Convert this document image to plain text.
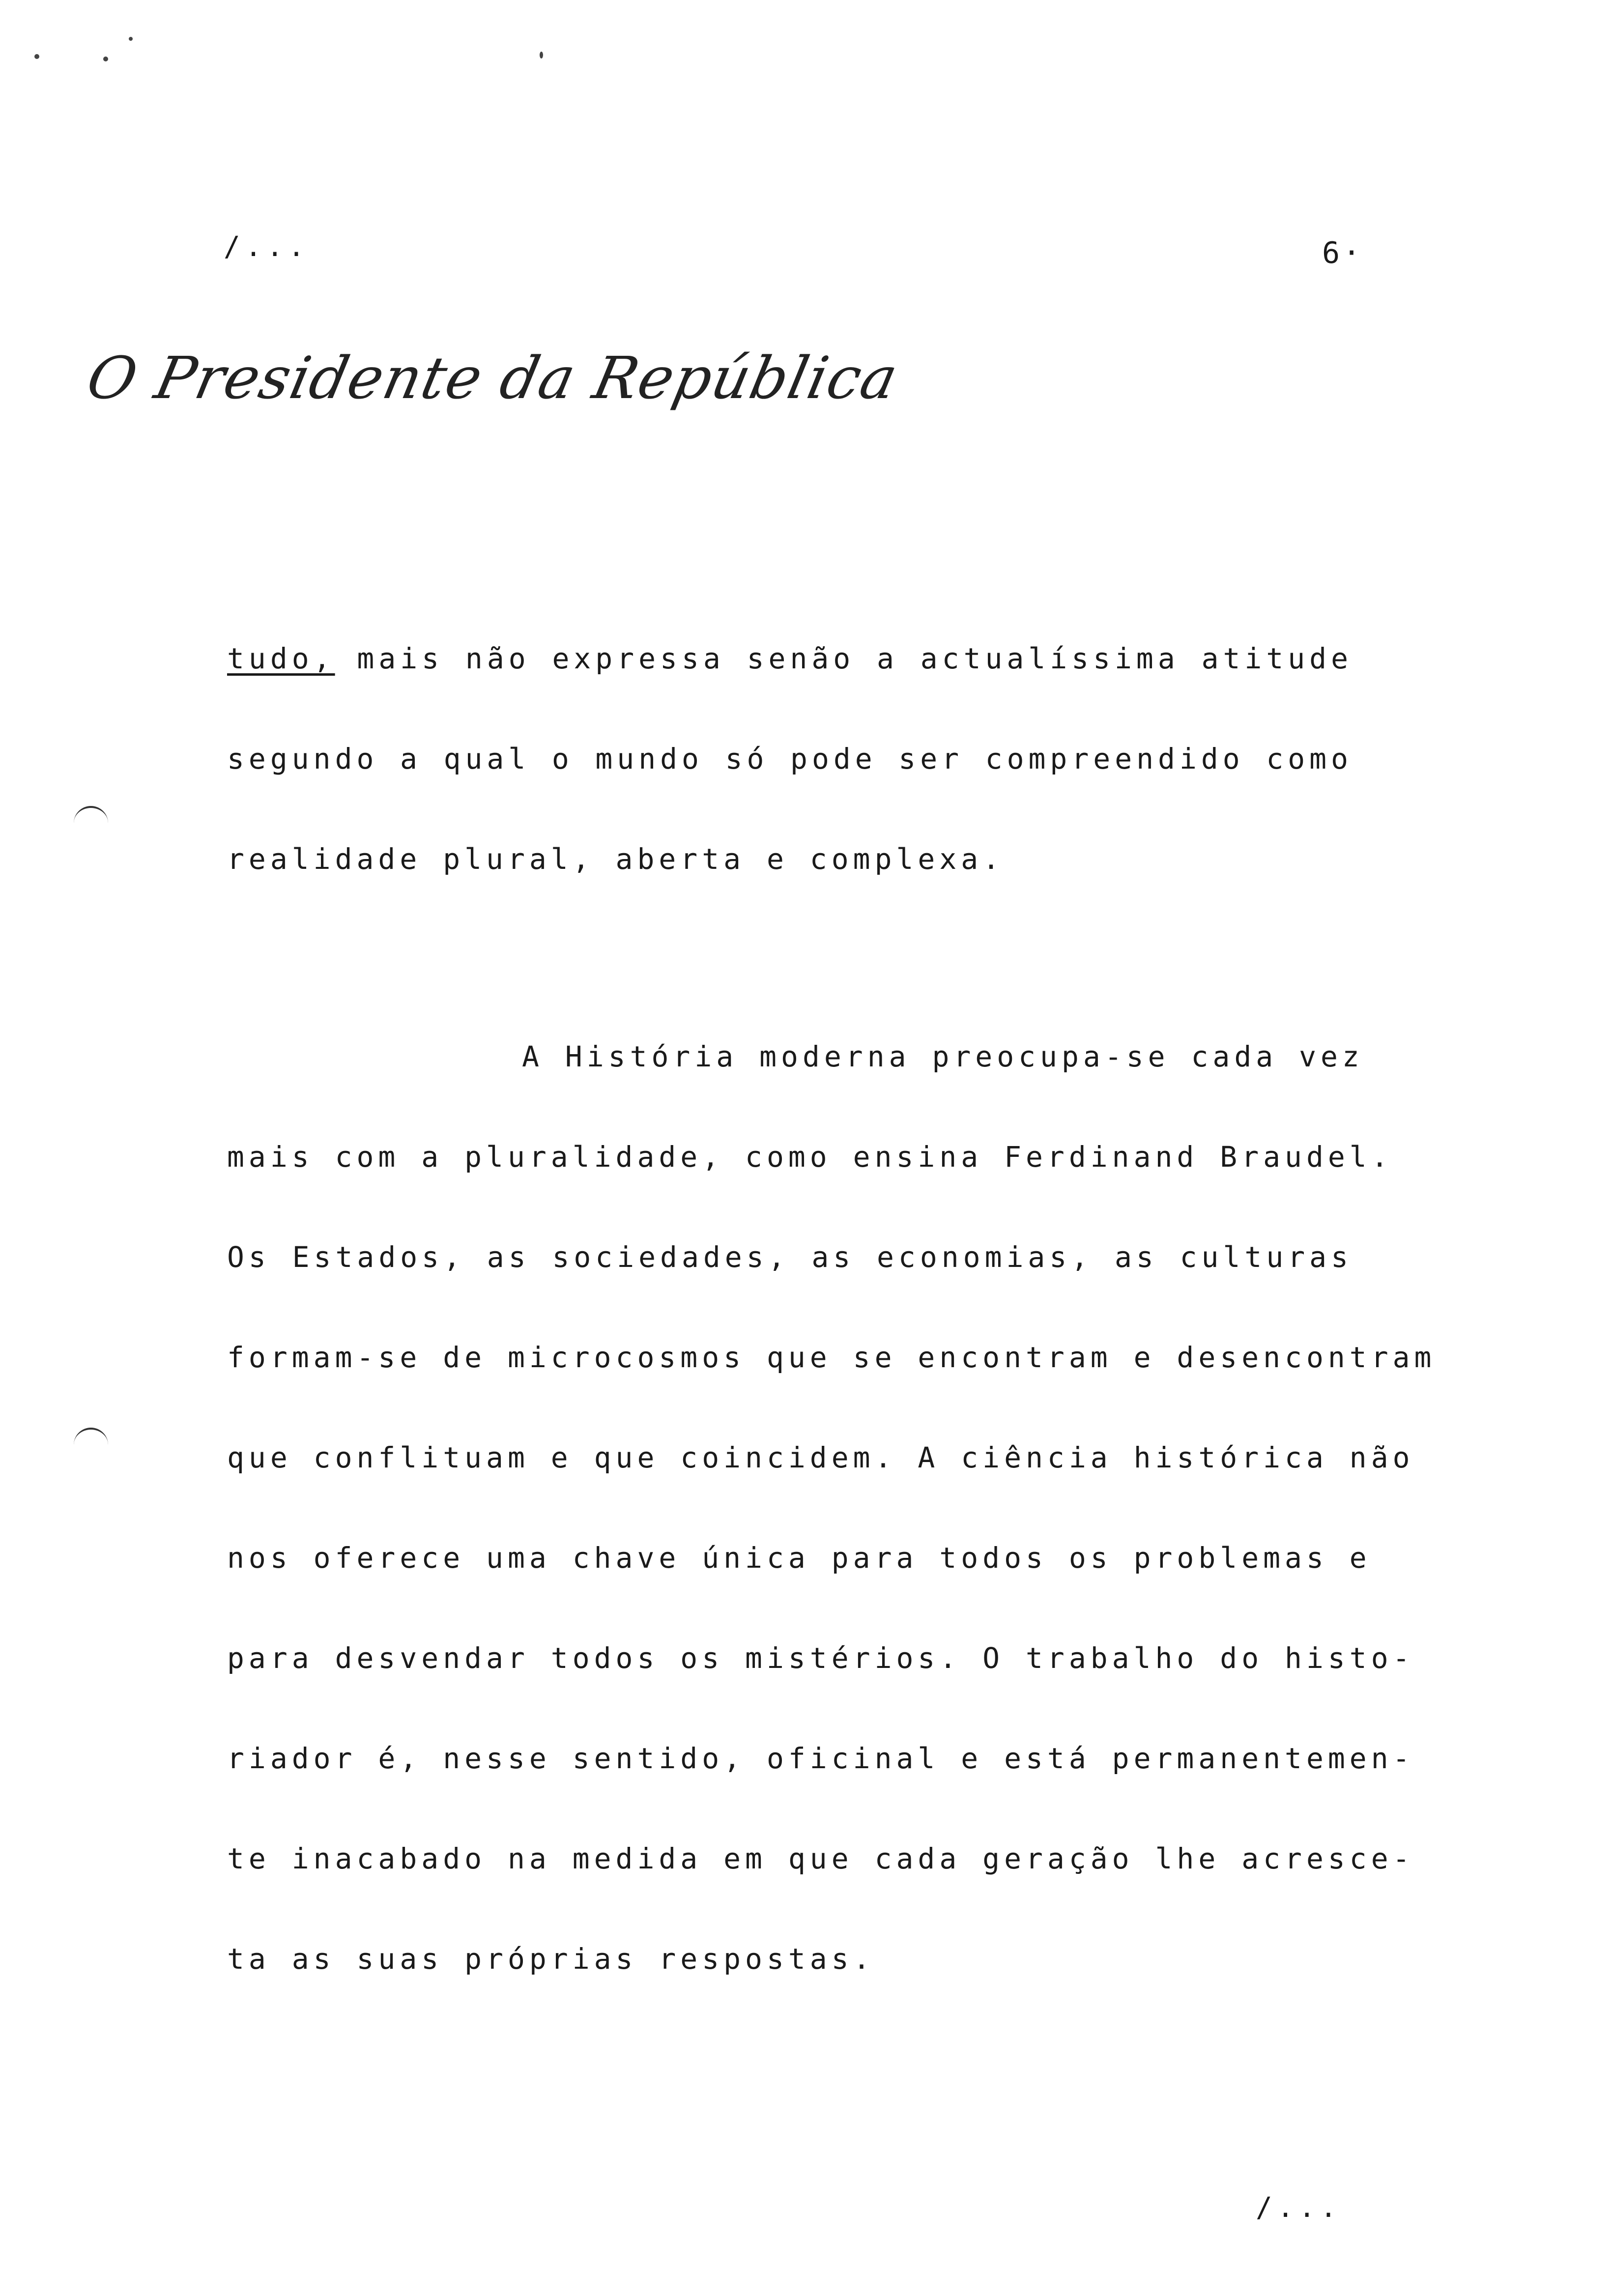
/...	6·
O Presidente da República
tudo, mais não expressa senão a actualíssima atitude
segundo a qual o mundo só pode ser compreendido como
realidade plural, aberta e complexa.
A História moderna preocupa-se cada vez
mais com a pluralidade, como ensina Ferdinand Braudel.
Os Estados, as sociedades, as economias, as culturas
formam-se de microcosmos que se encontram e desencontram
que conflituam e que coincidem. A ciência histórica não
nos oferece uma chave única para todos os problemas e
para desvendar todos os mistérios. O trabalho do histo-
riador é, nesse sentido, oficinal e está permanentemen-
te inacabado na medida em que cada geração lhe acresce-
ta as suas próprias respostas.
/...
